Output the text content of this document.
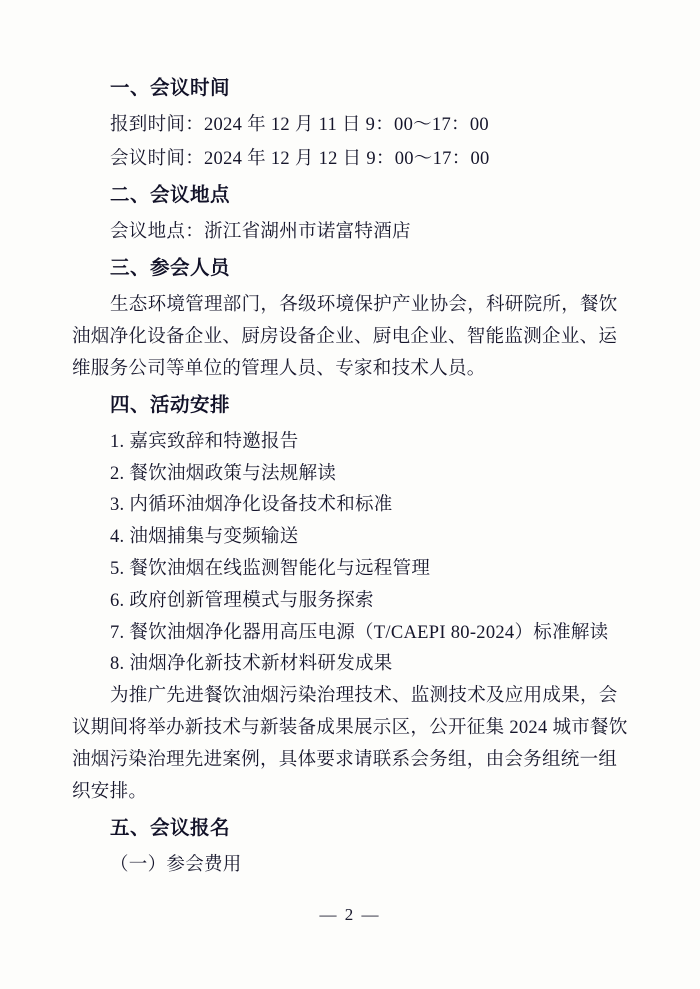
一、会议时间
报到时间：2024 年 12 月 11 日 9：00～17：00
会议时间：2024 年 12 月 12 日 9：00～17：00
二、会议地点
会议地点：浙江省湖州市诺富特酒店
三、参会人员
生态环境管理部门，各级环境保护产业协会，科研院所，餐饮油烟净化设备企业、厨房设备企业、厨电企业、智能监测企业、运维服务公司等单位的管理人员、专家和技术人员。
四、活动安排
1. 嘉宾致辞和特邀报告
2. 餐饮油烟政策与法规解读
3. 内循环油烟净化设备技术和标准
4. 油烟捕集与变频输送
5. 餐饮油烟在线监测智能化与远程管理
6. 政府创新管理模式与服务探索
7. 餐饮油烟净化器用高压电源（T/CAEPI 80-2024）标准解读
8. 油烟净化新技术新材料研发成果
为推广先进餐饮油烟污染治理技术、监测技术及应用成果，会议期间将举办新技术与新装备成果展示区，公开征集 2024 城市餐饮油烟污染治理先进案例，具体要求请联系会务组，由会务组统一组织安排。
五、会议报名
（一）参会费用
— 2 —
